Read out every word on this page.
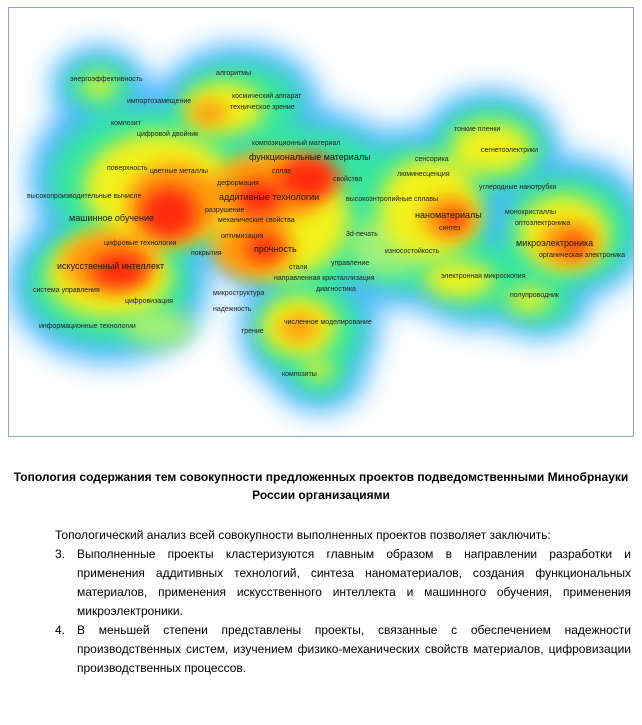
энергоэффективность
алгоритмы
импортозамещение
космический аппарат
техническое зрение
композит
цифровой двойник
композиционный материал
тонкие пленки
сегнетоэлектрики
поверхность цветные металлы
функциональные материалы	сенсорика
сплав	люминесценция
деформация
свойства
углеродные нанотрубки
высокопроизводительные вычисле	аддитивные технологии	высокоэнтропийные сплавы
разрушение
машинное обучение	наноматериалы	монокристаллы
механические свойства	оптоэлектроника
синтез
оптимизация	3d-печать
цифровые технологии	микроэлектроника
прочность	износостойкость
органическая электроника
покрытия
управление
искусственный интеллект	стали
направленная кристаллизация	электронная микроскопия
система управления	диагностика
микроструктура	полупроводник
цифровизация
надежность
численное моделирование
информационные технологии
трение
композиты
Топология содержания тем совокупности предложенных проектов подведомственными Минобрнауки России организациями

Топологический анализ всей совокупности выполненных проектов позволяет заключить:

3. Выполненные проекты кластеризуются главным образом в направлении разработки и применения аддитивных технологий, синтеза наноматериалов, создания функциональных материалов, применения искусственного интеллекта и машинного обучения, применения микроэлектроники.
4. В меньшей степени представлены проекты, связанные с обеспечением надежности производственных систем, изучением физико-механических свойств материалов, цифровизации производственных процессов.
